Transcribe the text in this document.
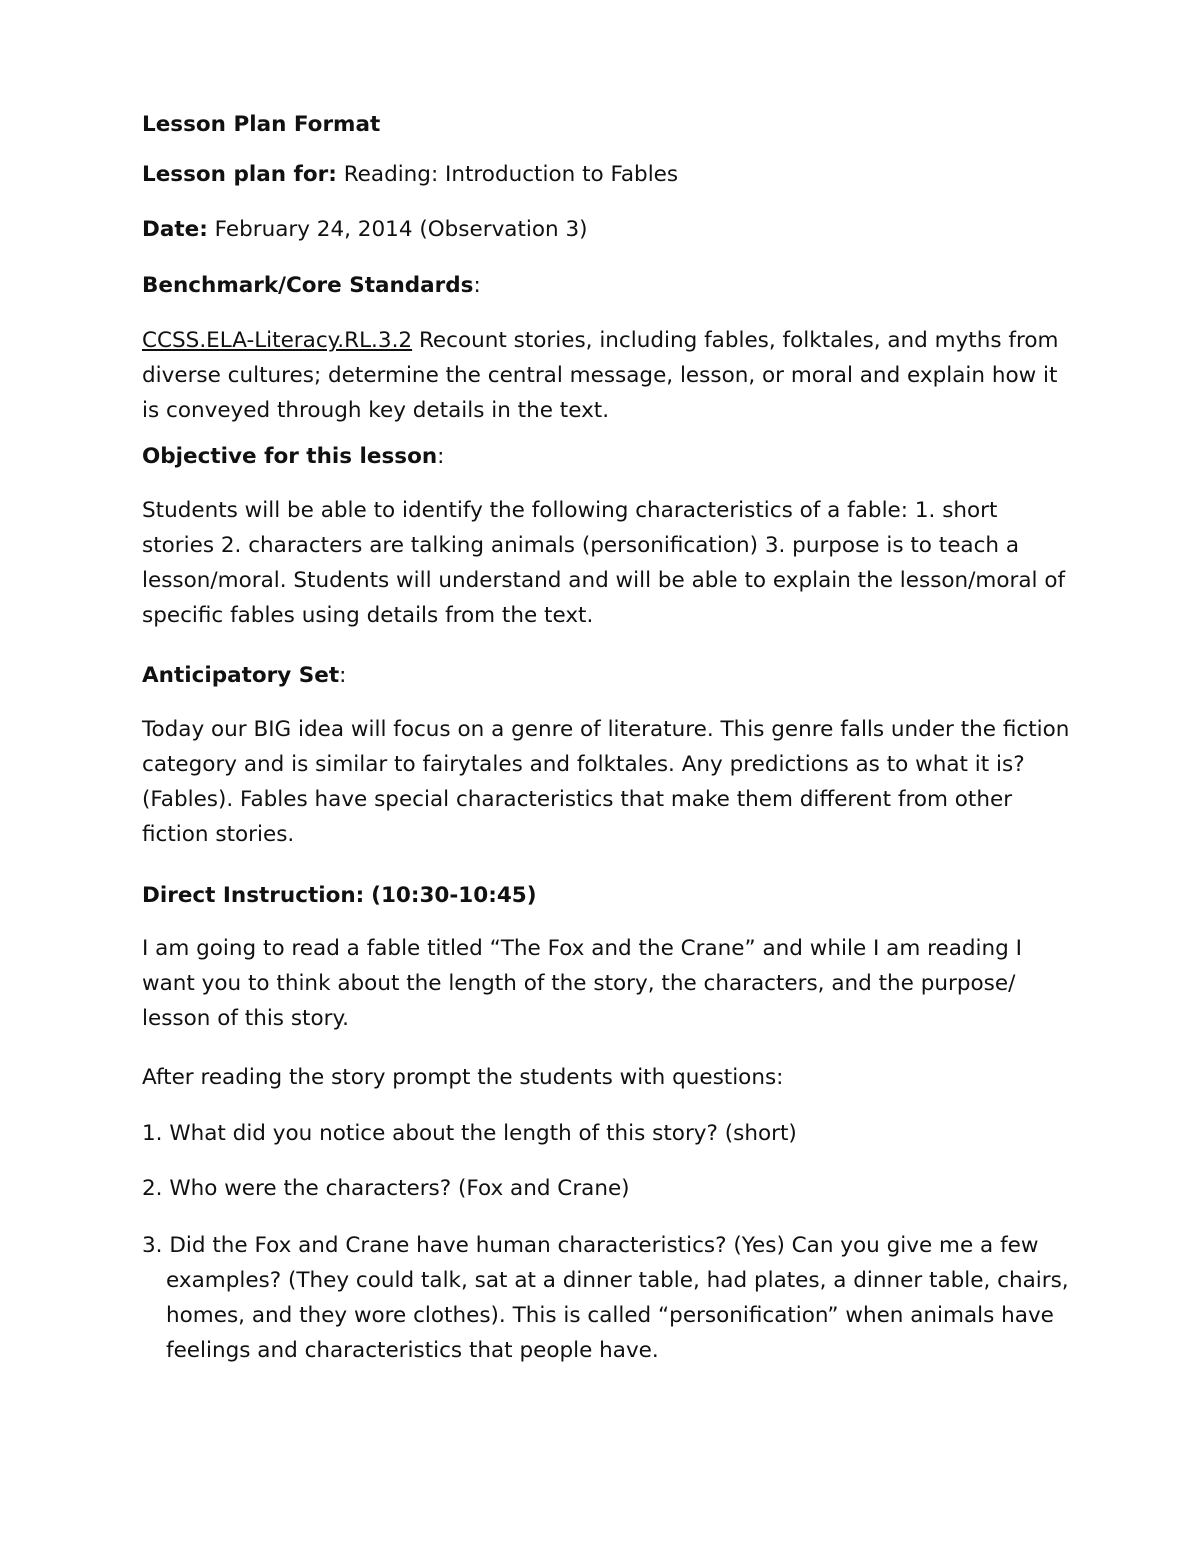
Lesson Plan Format

Lesson plan for: Reading: Introduction to Fables

Date: February 24, 2014 (Observation 3)

Benchmark/Core Standards:

CCSS.ELA-Literacy.RL.3.2 Recount stories, including fables, folktales, and myths from diverse cultures; determine the central message, lesson, or moral and explain how it is conveyed through key details in the text.

Objective for this lesson:

Students will be able to identify the following characteristics of a fable: 1. short stories 2. characters are talking animals (personification) 3. purpose is to teach a lesson/moral. Students will understand and will be able to explain the lesson/moral of specific fables using details from the text.

Anticipatory Set:

Today our BIG idea will focus on a genre of literature. This genre falls under the fiction category and is similar to fairytales and folktales. Any predictions as to what it is? (Fables). Fables have special characteristics that make them different from other fiction stories.

Direct Instruction: (10:30-10:45)

I am going to read a fable titled “The Fox and the Crane” and while I am reading I want you to think about the length of the story, the characters, and the purpose/ lesson of this story.

After reading the story prompt the students with questions:

1. What did you notice about the length of this story? (short)

2. Who were the characters? (Fox and Crane)

3. Did the Fox and Crane have human characteristics? (Yes) Can you give me a few examples? (They could talk, sat at a dinner table, had plates, a dinner table, chairs, homes, and they wore clothes). This is called “personification” when animals have feelings and characteristics that people have.
